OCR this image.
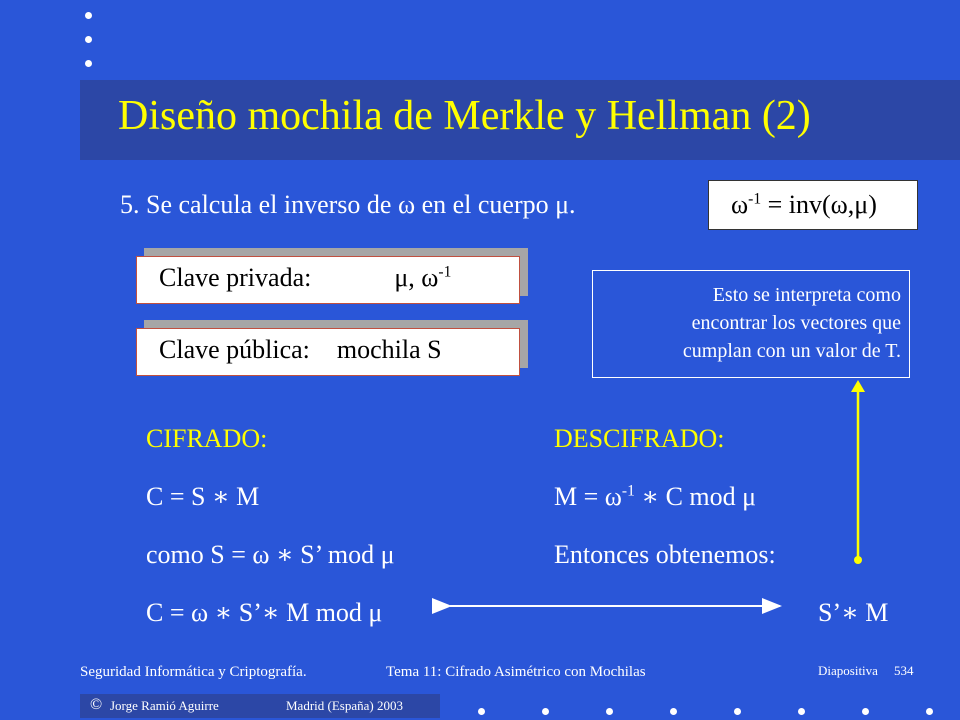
Diseño mochila de Merkle y Hellman (2)
5. Se calcula el inverso de ω en el cuerpo μ.	$\omega^{-1} = inv(\omega,\mu)$
Clave privada:	μ, $\omega^{-1}$
Clave pública: mochila S
Esto se interpreta como
encontrar los vectores que
cumplan con un valor de T.
CIFRADO:
C = S ∗ M
como S = ω ∗ S’ mod μ
C = ω ∗ S’∗ M mod μ
DESCIFRADO:
$M = \omega^{-1}$ ∗ C mod μ
Entonces obtenemos:
S’∗ M
Seguridad Informática y Criptografía.	Tema 11: Cifrado Asimétrico con Mochilas	Diapositiva 534
© Jorge Ramió Aguirre	Madrid (España) 2003
